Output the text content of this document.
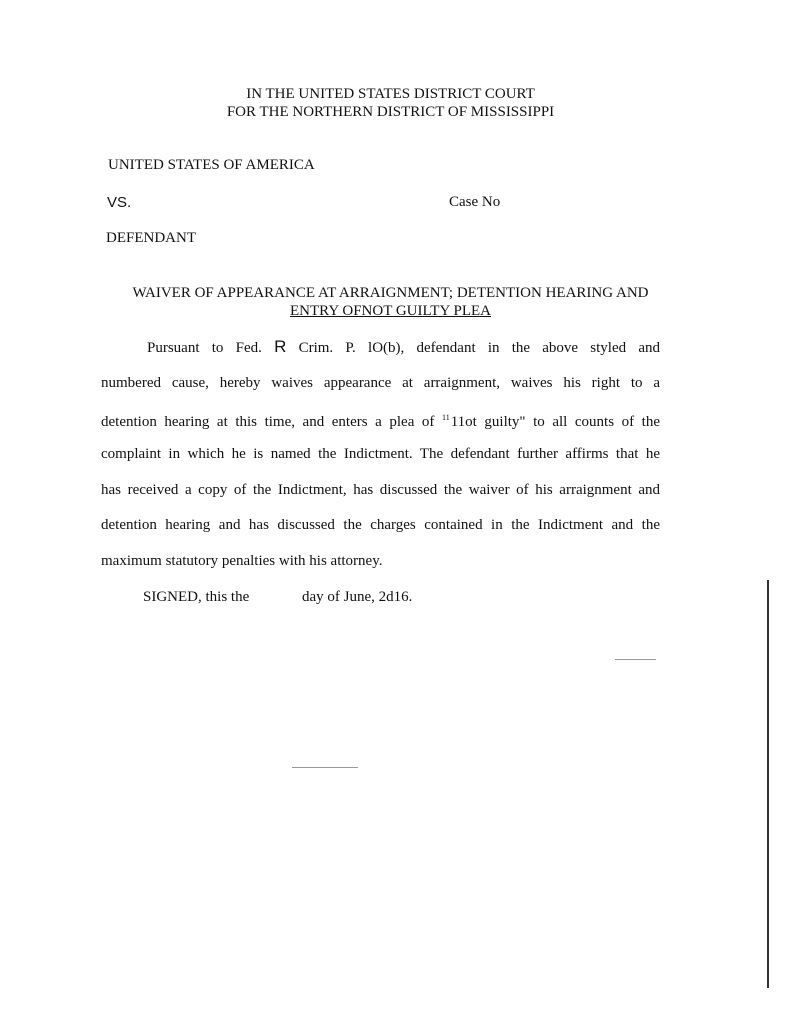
IN THE UNITED STATES DISTRICT COURT
FOR THE NORTHERN DISTRICT OF MISSISSIPPI
UNITED STATES OF AMERICA
VS.	Case No
DEFENDANT
WAIVER OF APPEARANCE AT ARRAIGNMENT; DETENTION HEARING AND
ENTRY OFNOT GUILTY PLEA
Pursuant to Fed. R Crim. P. lO(b), defendant in the above styled and
numbered cause, hereby waives appearance at arraignment, waives his right to a
detention hearing at this time, and enters a plea of $^{11}$11ot guilty" to all counts of the
complaint in which he is named the Indictment. The defendant further affirms that he
has received a copy of the Indictment, has discussed the waiver of his arraignment and
detention hearing and has discussed the charges contained in the Indictment and the
maximum statutory penalties with his attorney.
SIGNED, this the	day of June, 2d16.
